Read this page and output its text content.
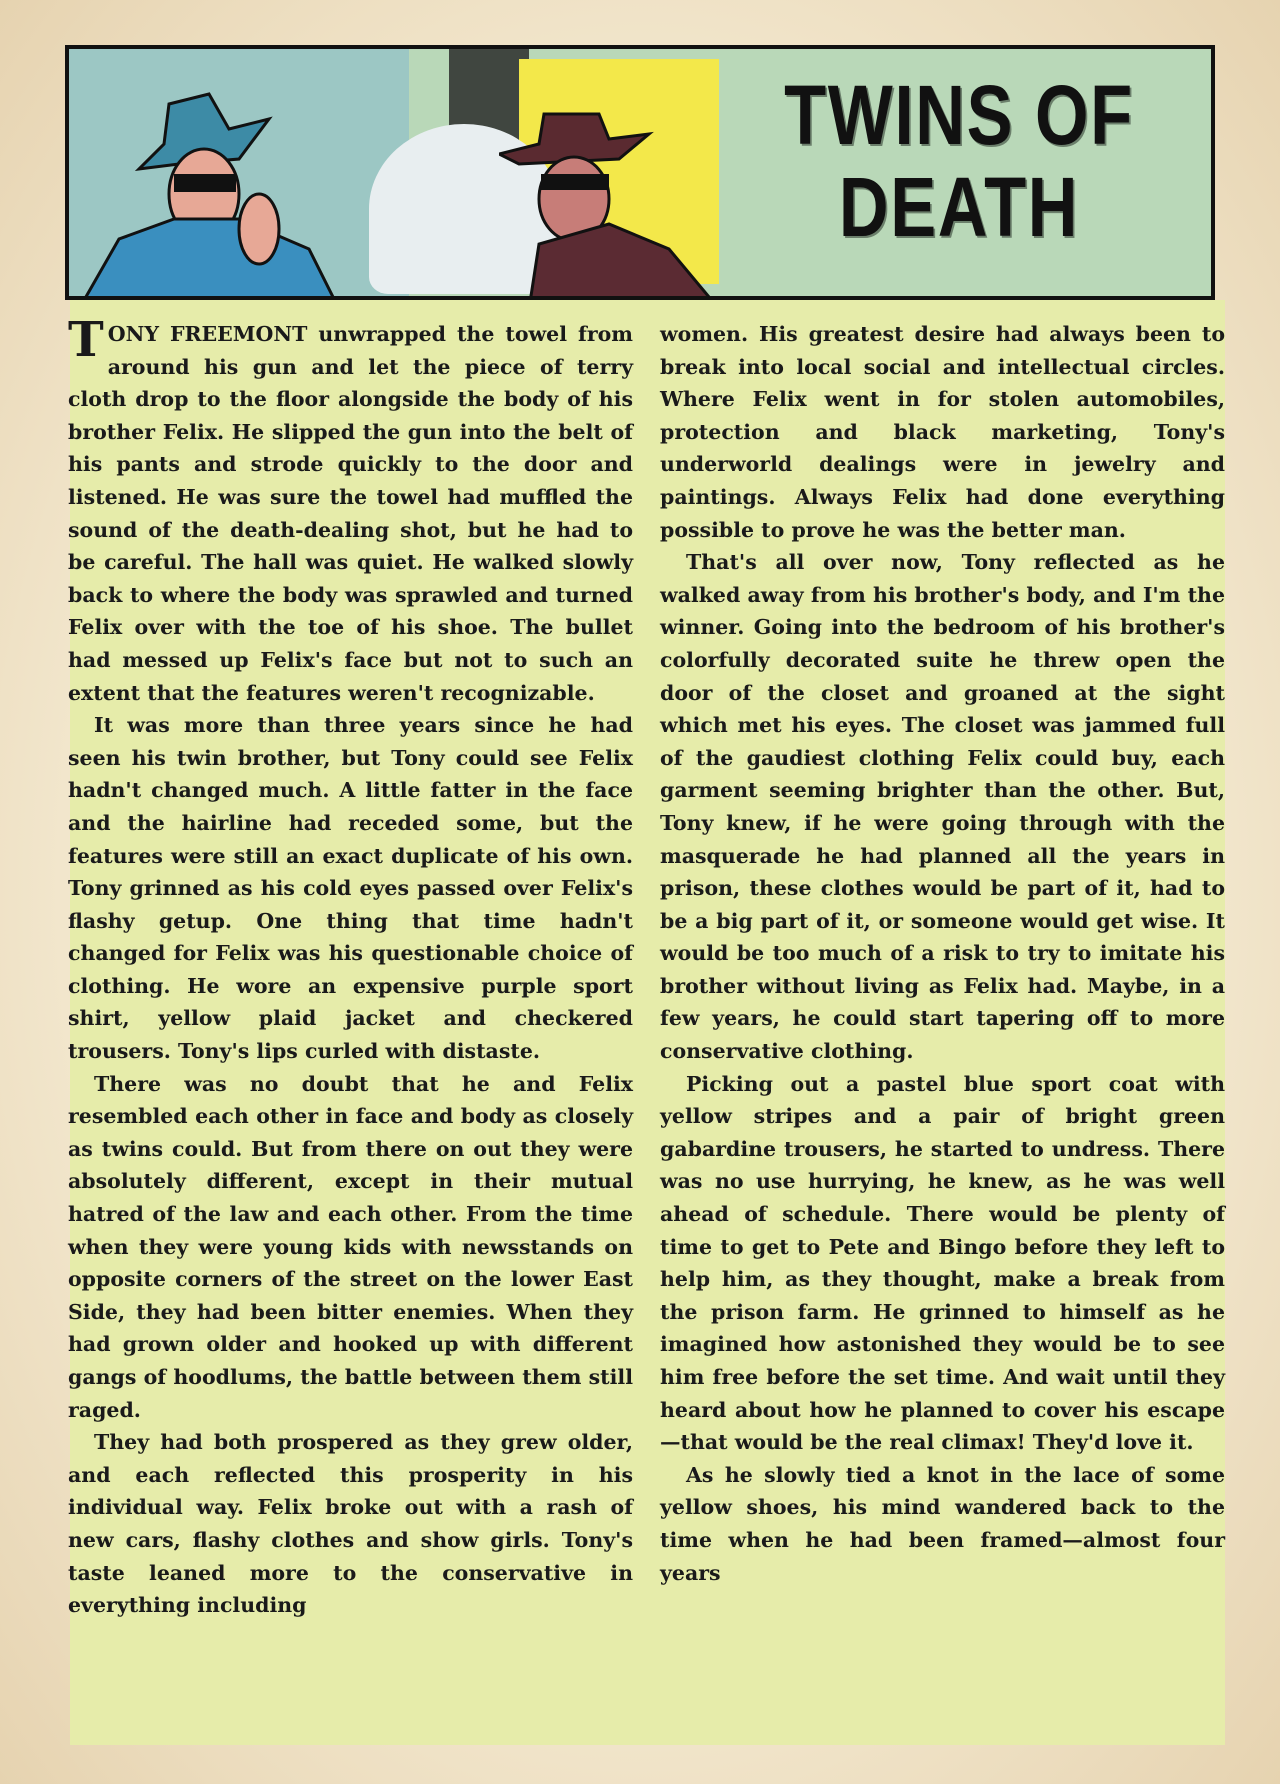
TWINS OF
DEATH

TONY FREEMONT unwrapped the towel from around his gun and let the piece of terry cloth drop to the floor alongside the body of his brother Felix. He slipped the gun into the belt of his pants and strode quickly to the door and listened. He was sure the towel had muffled the sound of the death-dealing shot, but he had to be careful. The hall was quiet. He walked slowly back to where the body was sprawled and turned Felix over with the toe of his shoe. The bullet had messed up Felix's face but not to such an extent that the features weren't recognizable.

It was more than three years since he had seen his twin brother, but Tony could see Felix hadn't changed much. A little fatter in the face and the hairline had receded some, but the features were still an exact duplicate of his own. Tony grinned as his cold eyes passed over Felix's flashy getup. One thing that time hadn't changed for Felix was his questionable choice of clothing. He wore an expensive purple sport shirt, yellow plaid jacket and checkered trousers. Tony's lips curled with distaste.

There was no doubt that he and Felix resembled each other in face and body as closely as twins could. But from there on out they were absolutely different, except in their mutual hatred of the law and each other. From the time when they were young kids with newsstands on opposite corners of the street on the lower East Side, they had been bitter enemies. When they had grown older and hooked up with different gangs of hoodlums, the battle between them still raged.

They had both prospered as they grew older, and each reflected this prosperity in his individual way. Felix broke out with a rash of new cars, flashy clothes and show girls. Tony's taste leaned more to the conservative in everything including

women. His greatest desire had always been to break into local social and intellectual circles. Where Felix went in for stolen automobiles, protection and black marketing, Tony's underworld dealings were in jewelry and paintings. Always Felix had done everything possible to prove he was the better man.

That's all over now, Tony reflected as he walked away from his brother's body, and I'm the winner. Going into the bedroom of his brother's colorfully decorated suite he threw open the door of the closet and groaned at the sight which met his eyes. The closet was jammed full of the gaudiest clothing Felix could buy, each garment seeming brighter than the other. But, Tony knew, if he were going through with the masquerade he had planned all the years in prison, these clothes would be part of it, had to be a big part of it, or someone would get wise. It would be too much of a risk to try to imitate his brother without living as Felix had. Maybe, in a few years, he could start tapering off to more conservative clothing.

Picking out a pastel blue sport coat with yellow stripes and a pair of bright green gabardine trousers, he started to undress. There was no use hurrying, he knew, as he was well ahead of schedule. There would be plenty of time to get to Pete and Bingo before they left to help him, as they thought, make a break from the prison farm. He grinned to himself as he imagined how astonished they would be to see him free before the set time. And wait until they heard about how he planned to cover his escape—that would be the real climax! They'd love it.

As he slowly tied a knot in the lace of some yellow shoes, his mind wandered back to the time when he had been framed—almost four years
